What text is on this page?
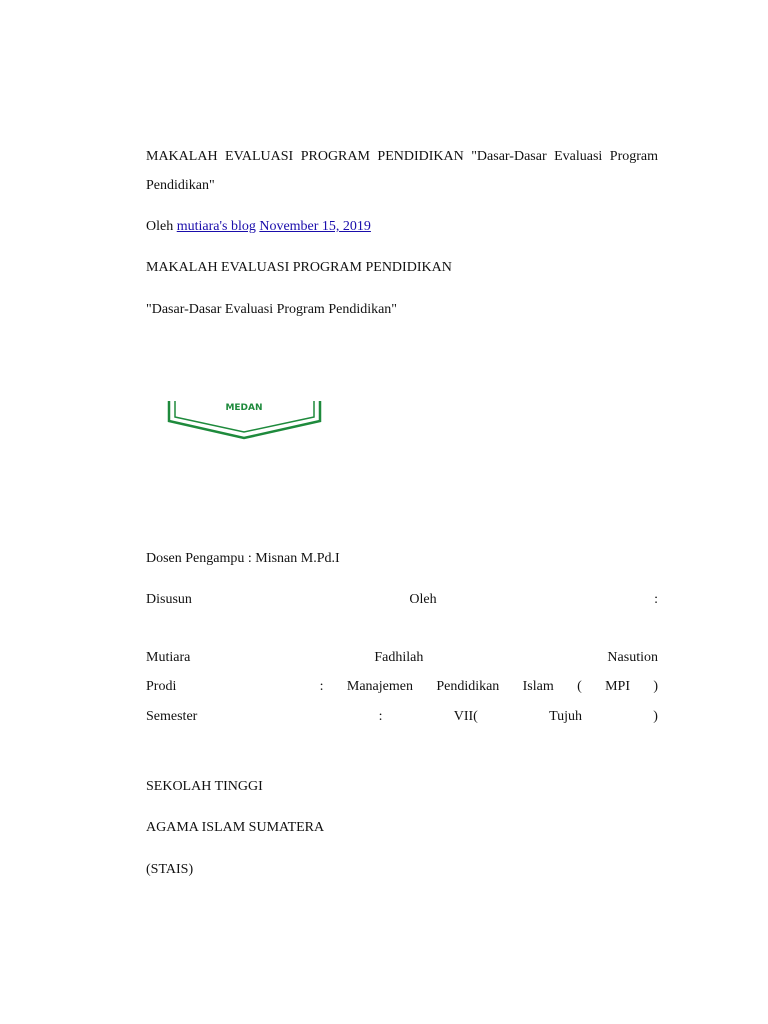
MAKALAH EVALUASI PROGRAM PENDIDIKAN "Dasar-Dasar Evaluasi Program
Pendidikan"
Oleh mutiara's blog November 15, 2019
MAKALAH EVALUASI PROGRAM PENDIDIKAN
"Dasar-Dasar Evaluasi Program Pendidikan"
MEDAN
Dosen Pengampu : Misnan M.Pd.I
Disusun	Oleh	:
Mutiara	Fadhilah	Nasution
Prodi	: Manajemen Pendidikan Islam ( MPI )
Semester	:	VII(	Tujuh	)
SEKOLAH TINGGI
AGAMA ISLAM SUMATERA
(STAIS)
